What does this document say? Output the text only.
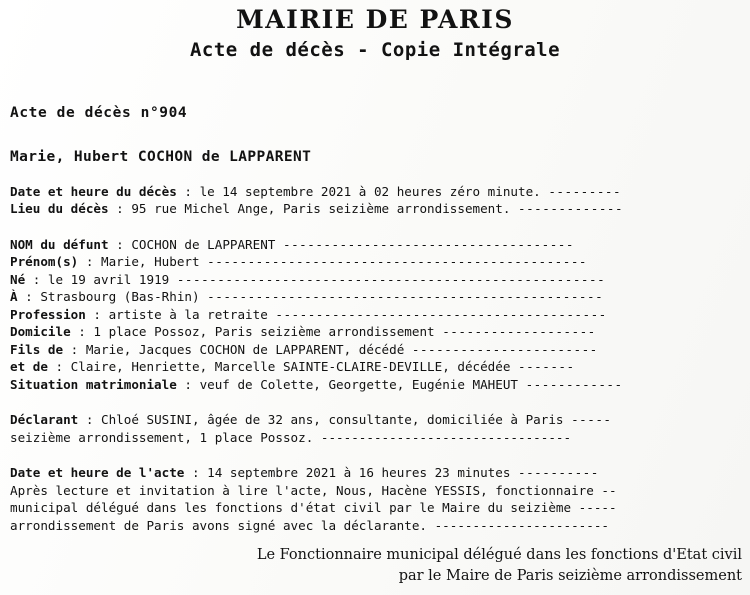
MAIRIE DE PARIS
Acte de décès - Copie Intégrale
Acte de décès n°904
Marie, Hubert COCHON de LAPPARENT
Date et heure du décès : le 14 septembre 2021 à 02 heures zéro minute. ---------
Lieu du décès : 95 rue Michel Ange, Paris seizième arrondissement. -------------
NOM du défunt : COCHON de LAPPARENT ------------------------------------
Prénom(s) : Marie, Hubert -----------------------------------------------
Né : le 19 avril 1919 -----------------------------------------------------
À : Strasbourg (Bas-Rhin) -------------------------------------------------
Profession : artiste à la retraite -----------------------------------------
Domicile : 1 place Possoz, Paris seizième arrondissement -------------------
Fils de : Marie, Jacques COCHON de LAPPARENT, décédé -----------------------
et de : Claire, Henriette, Marcelle SAINTE-CLAIRE-DEVILLE, décédée -------
Situation matrimoniale : veuf de Colette, Georgette, Eugénie MAHEUT ------------
Déclarant : Chloé SUSINI, âgée de 32 ans, consultante, domiciliée à Paris -----
seizième arrondissement, 1 place Possoz. ---------------------------------
Date et heure de l'acte : 14 septembre 2021 à 16 heures 23 minutes ----------
Après lecture et invitation à lire l'acte, Nous, Hacène YESSIS, fonctionnaire --
municipal délégué dans les fonctions d'état civil par le Maire du seizième -----
arrondissement de Paris avons signé avec la déclarante. -----------------------
Le Fonctionnaire municipal délégué dans les fonctions d'Etat civil
par le Maire de Paris seizième arrondissement
